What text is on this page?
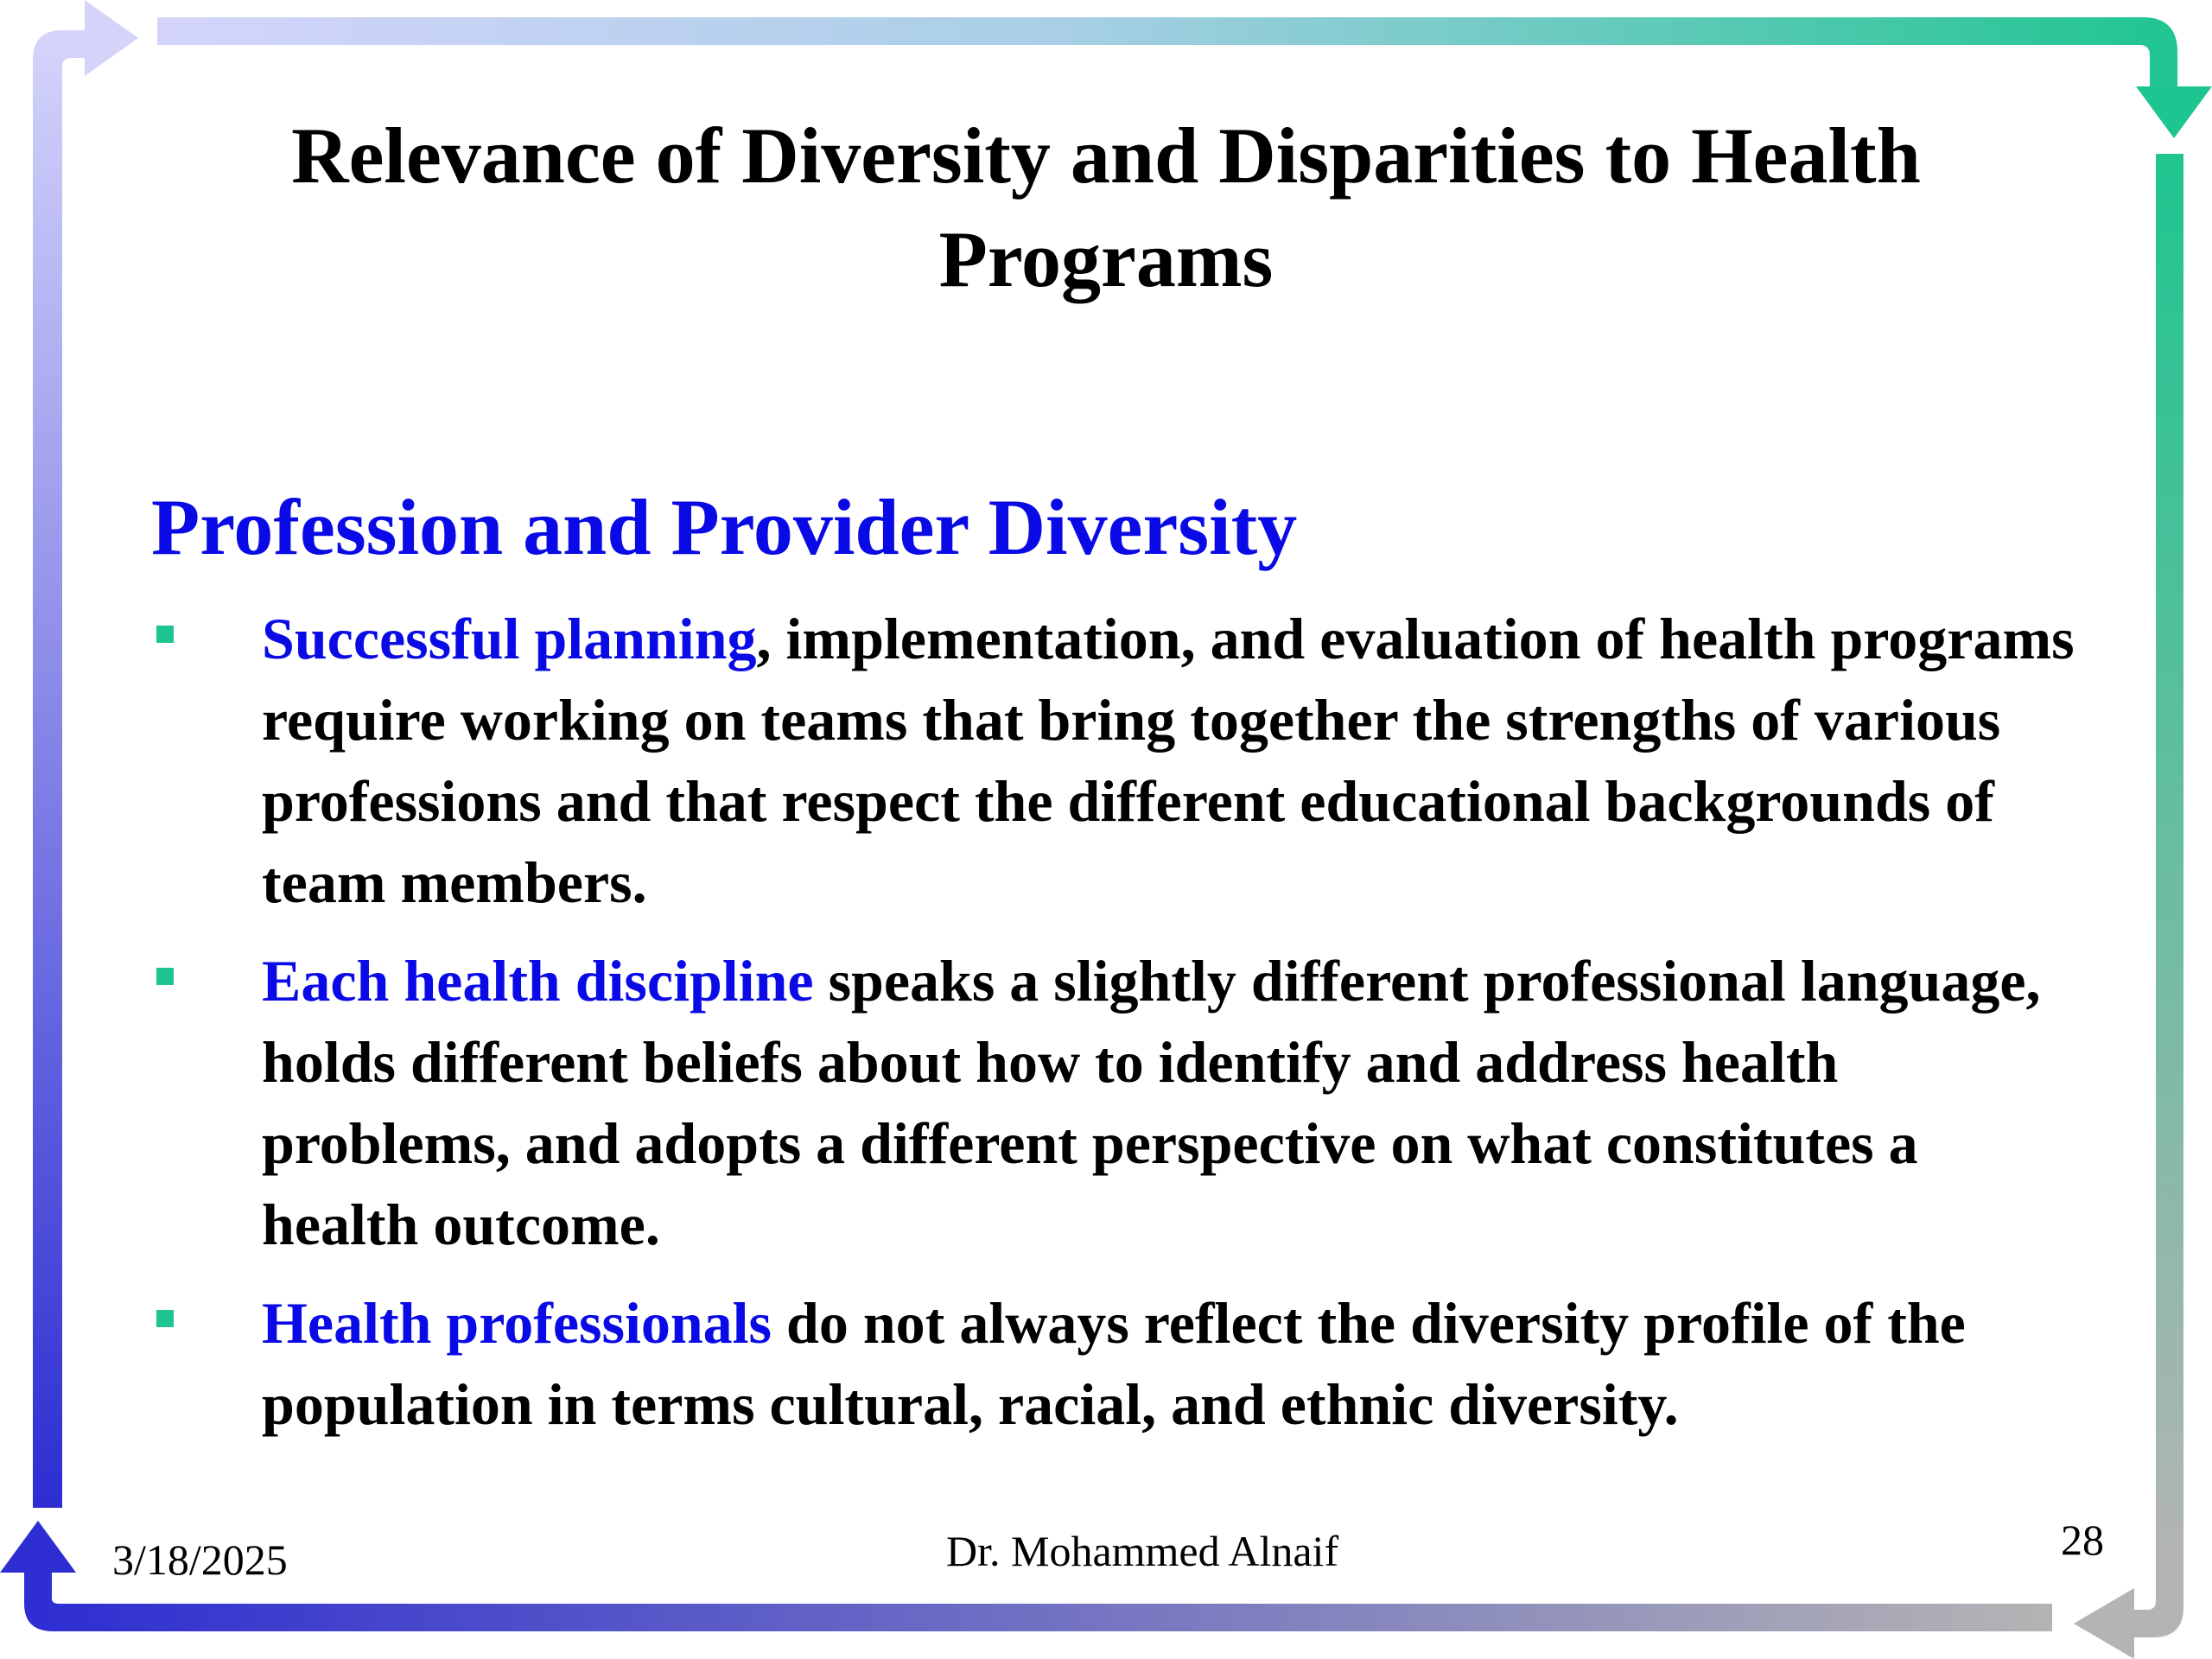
Relevance of Diversity and Disparities to Health
Programs
Profession and Provider Diversity
Successful planning, implementation, and evaluation of health programs require working on teams that bring together the strengths of various professions and that respect the different educational backgrounds of team members.
Each health discipline speaks a slightly different professional language, holds different beliefs about how to identify and address health problems, and adopts a different perspective on what constitutes a health outcome.
Health professionals do not always reflect the diversity profile of the population in terms cultural, racial, and ethnic diversity.
3/18/2025	Dr. Mohammed Alnaif	28
